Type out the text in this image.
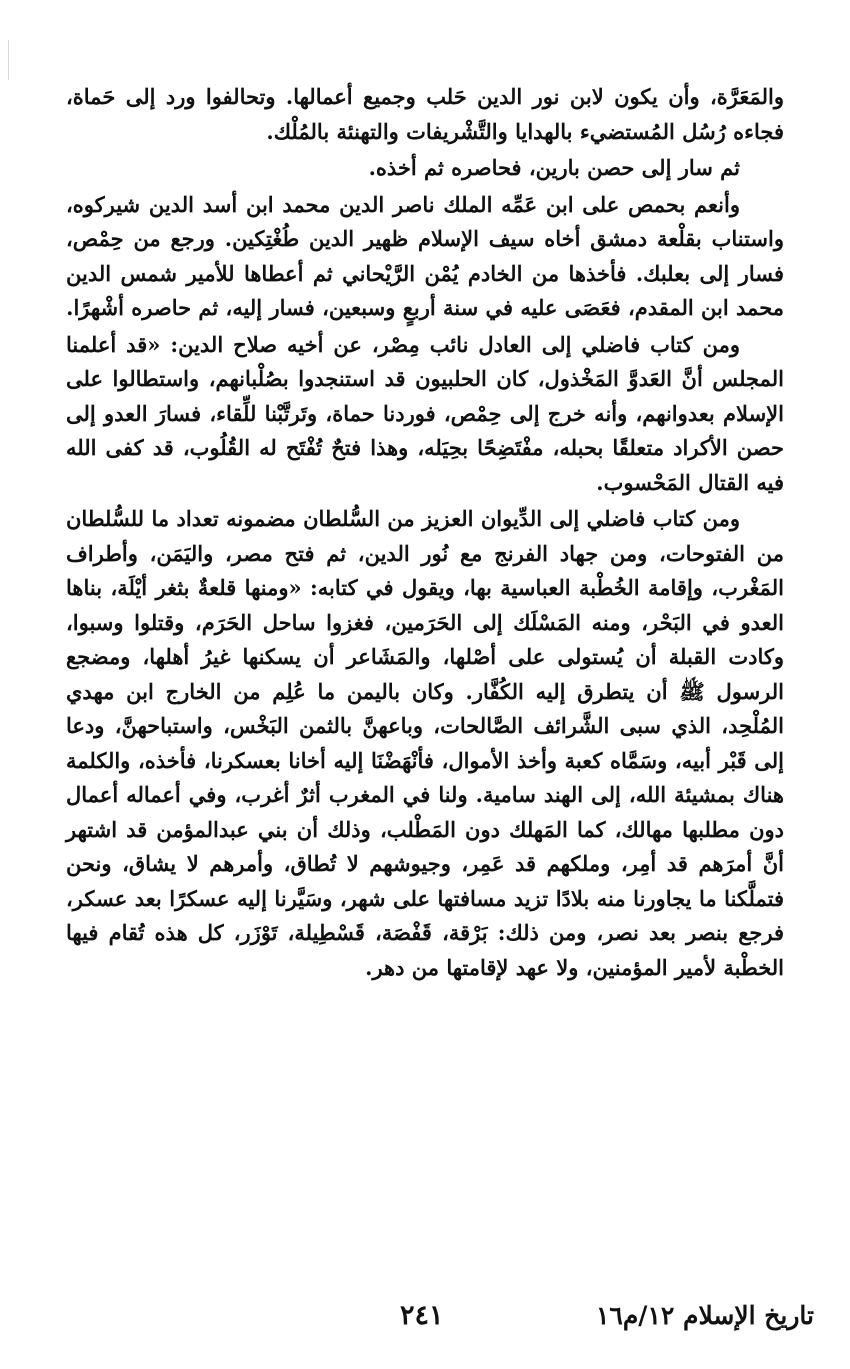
والمَعَرَّة، وأن يكون لابن نور الدين حَلب وجميع أعمالها. وتحالفوا ورد إلى حَماة، فجاءه رُسُل المُستضيء بالهدايا والتَّشْريفات والتهنئة بالمُلْك.

ثم سار إلى حصن بارين، فحاصره ثم أخذه.

وأنعم بحمص على ابن عَمِّه الملك ناصر الدين محمد ابن أسد الدين شيركوه، واستناب بقلْعة دمشق أخاه سيف الإسلام ظهير الدين طُغْتِكين. ورجع من حِمْص، فسار إلى بعلبك. فأخذها من الخادم يُمْن الرَّيْحاني ثم أعطاها للأمير شمس الدين محمد ابن المقدم، فعَصَى عليه في سنة أربعٍ وسبعين، فسار إليه، ثم حاصره أشْهرًا.

ومن كتاب فاضلي إلى العادل نائب مِصْر، عن أخيه صلاح الدين: «قد أعلمنا المجلس أنَّ العَدوَّ المَخْذول، كان الحلبيون قد استنجدوا بصُلْبانهم، واستطالوا على الإسلام بعدوانهم، وأنه خرج إلى حِمْص، فوردنا حماة، وتَرتَّبْنا للِّقاء، فسارَ العدو إلى حصن الأكراد متعلقًا بحبله، مفْتَضِحًا بحِيَله، وهذا فتحٌ تُفْتَح له القُلُوب، قد كفى الله فيه القتال المَحْسوب.

ومن كتاب فاضلي إلى الدِّيوان العزيز من السُّلطان مضمونه تعداد ما للسُّلطان من الفتوحات، ومن جهاد الفرنج مع نُور الدين، ثم فتح مصر، واليَمَن، وأطراف المَغْرب، وإقامة الخُطْبة العباسية بها، ويقول في كتابه: «ومنها قلعةٌ بثغر أيْلَة، بناها العدو في البَحْر، ومنه المَسْلَك إلى الحَرَمين، فغزوا ساحل الحَرَم، وقتلوا وسبوا، وكادت القبلة أن يُستولى على أصْلها، والمَشَاعر أن يسكنها غيرُ أهلها، ومضجع الرسول ﷺ أن يتطرق إليه الكُفَّار. وكان باليمن ما عُلِم من الخارج ابن مهدي المُلْحِد، الذي سبى الشَّرائف الصَّالحات، وباعهنَّ بالثمن البَخْس، واستباحهنَّ، ودعا إلى قَبْر أبيه، وسَمَّاه كعبة وأخذ الأموال، فأنْهَضْنَا إليه أخانا بعسكرنا، فأخذه، والكلمة هناك بمشيئة الله، إلى الهند سامية. ولنا في المغرب أثرٌ أغرب، وفي أعماله أعمال دون مطلبها مهالك، كما المَهلك دون المَطْلب، وذلك أن بني عبدالمؤمن قد اشتهر أنَّ أمرَهم قد أمِر، وملكهم قد عَمِر، وجيوشهم لا تُطاق، وأمرهم لا يشاق، ونحن فتملَّكنا ما يجاورنا منه بلادًا تزيد مسافتها على شهر، وسَيَّرنا إليه عسكرًا بعد عسكر، فرجع بنصر بعد نصر، ومن ذلك: بَرْقة، قَفْصَة، قَسْطِيلة، تَوْزَر، كل هذه تُقام فيها الخطْبة لأمير المؤمنين، ولا عهد لإقامتها من دهر.

تاريخ الإسلام ١٢/م١٦
٢٤١
